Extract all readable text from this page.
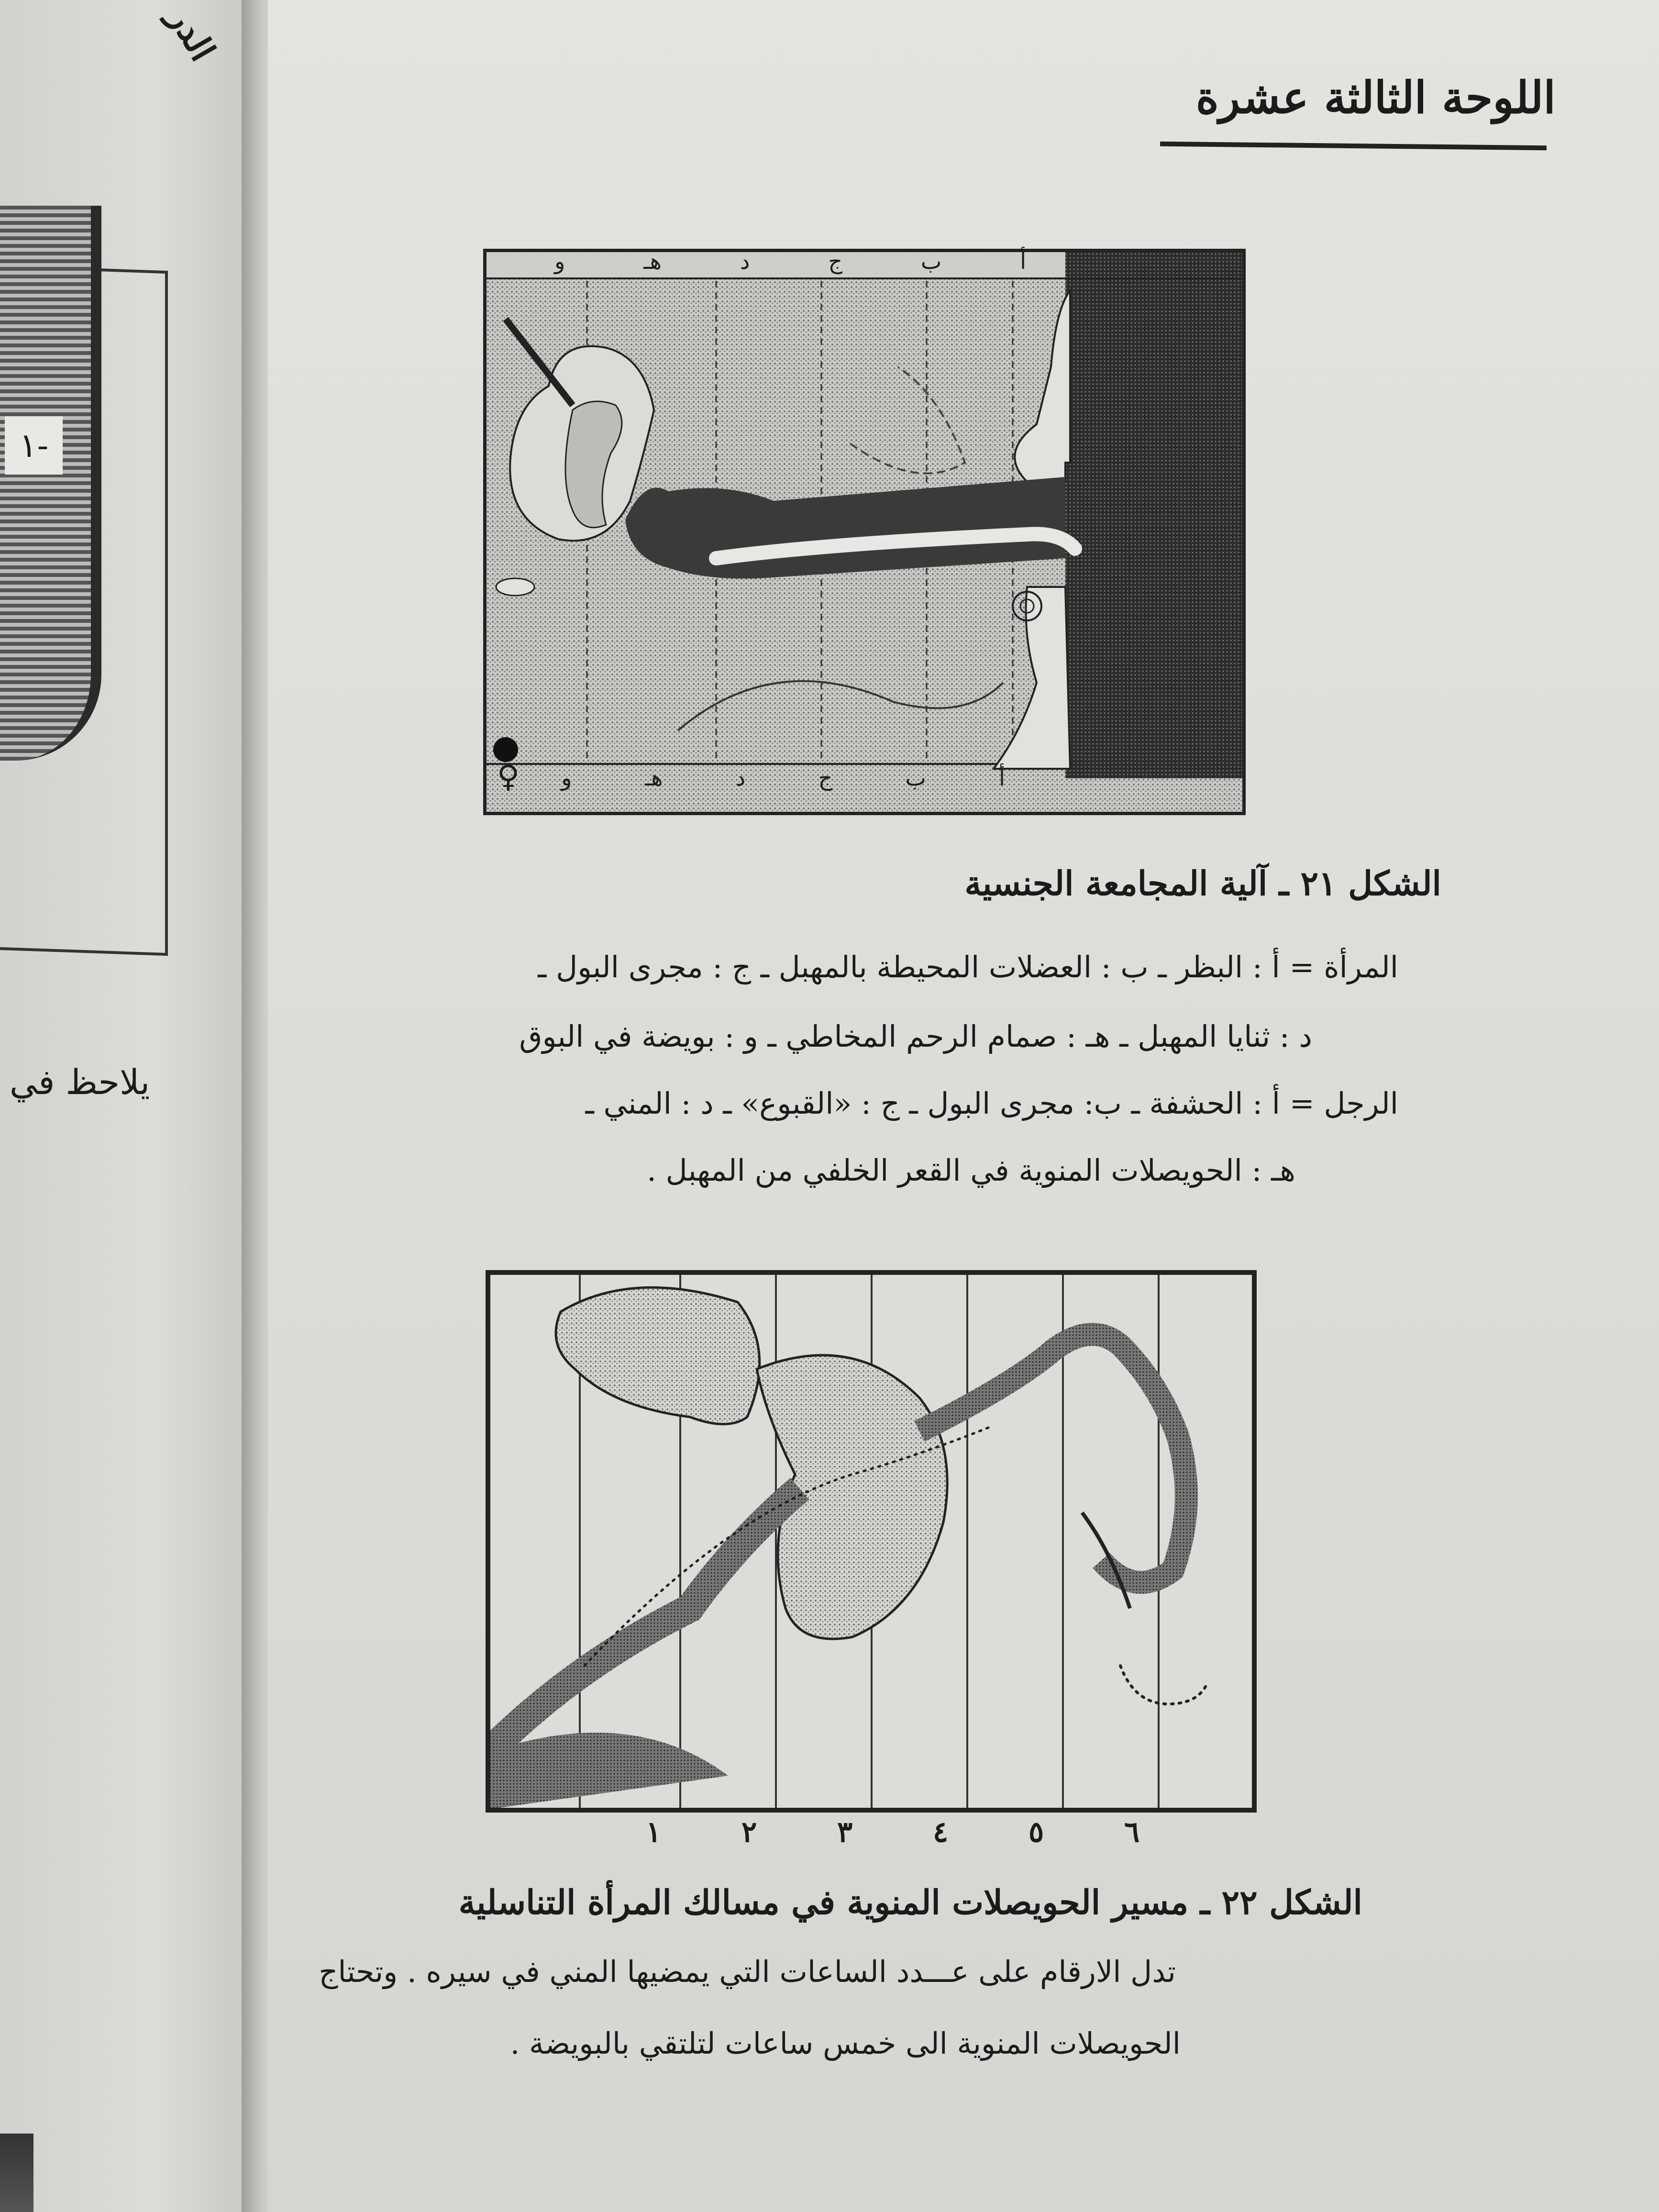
الدر
١-
يلاحظ في
اللوحة الثالثة عشرة
أ
ب
ج
د
هـ
و
أ
ب
ج
د
هـ
و
♀
الشكل ٢١ ـ آلية المجامعة الجنسية
المرأة = أ : البظر ـ ب : العضلات المحيطة بالمهبل ـ ج : مجرى البول ـ
د : ثنايا المهبل ـ هـ : صمام الرحم المخاطي ـ و : بويضة في البوق
الرجل = أ : الحشفة ـ ب: مجرى البول ـ ج : «القبوع» ـ د : المني ـ
هـ : الحويصلات المنوية في القعر الخلفي من المهبل .
١	٢	٣	٤	٥	٦
الشكل ٢٢ ـ مسير الحويصلات المنوية في مسالك المرأة التناسلية
تدل الارقام على عـــدد الساعات التي يمضيها المني في سيره . وتحتاج
الحويصلات المنوية الى خمس ساعات لتلتقي بالبويضة .
